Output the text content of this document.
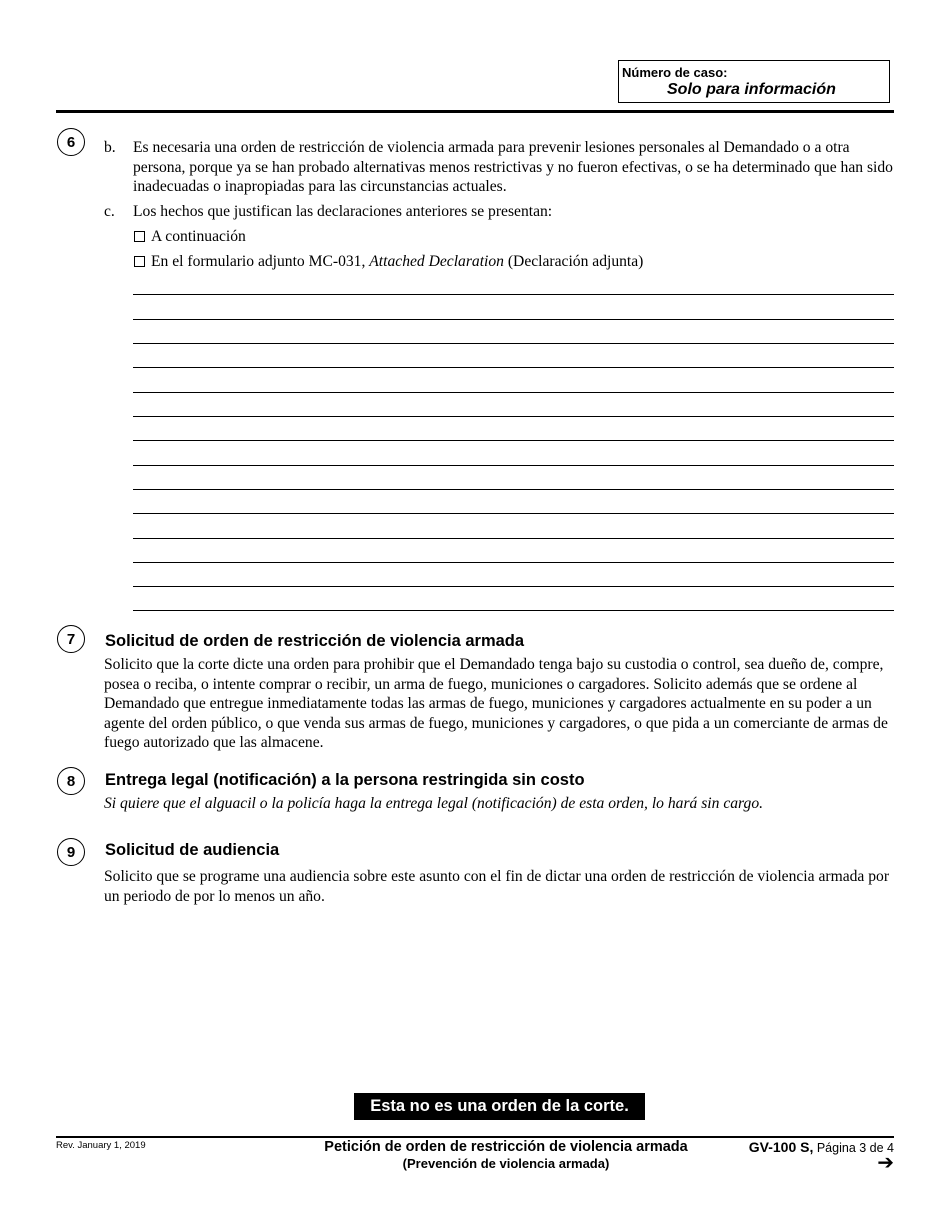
Número de caso:
Solo para información
6	b. Es necesaria una orden de restricción de violencia armada para prevenir lesiones personales al Demandado o a otra persona, porque ya se han probado alternativas menos restrictivas y no fueron efectivas, o se ha determinado que han sido inadecuadas o inapropiadas para las circunstancias actuales.
c. Los hechos que justifican las declaraciones anteriores se presentan:
A continuación
En el formulario adjunto MC-031, Attached Declaration (Declaración adjunta)
7	Solicitud de orden de restricción de violencia armada
Solicito que la corte dicte una orden para prohibir que el Demandado tenga bajo su custodia o control, sea dueño de, compre, posea o reciba, o intente comprar o recibir, un arma de fuego, municiones o cargadores. Solicito además que se ordene al Demandado que entregue inmediatamente todas las armas de fuego, municiones y cargadores actualmente en su poder a un agente del orden público, o que venda sus armas de fuego, municiones y cargadores, o que pida a un comerciante de armas de fuego autorizado que las almacene.
8	Entrega legal (notificación) a la persona restringida sin costo
Si quiere que el alguacil o la policía haga la entrega legal (notificación) de esta orden, lo hará sin cargo.
9	Solicitud de audiencia
Solicito que se programe una audiencia sobre este asunto con el fin de dictar una orden de restricción de violencia armada por un periodo de por lo menos un año.
Esta no es una orden de la corte.
Rev. January 1, 2019	Petición de orden de restricción de violencia armada
(Prevención de violencia armada)
GV-100 S, Página 3 de 4
➔
